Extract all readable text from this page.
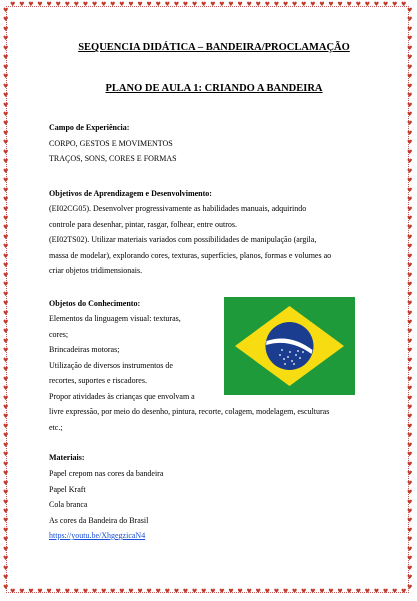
♥ ♥ ♥ ♥ ♥ ♥ ♥ ♥ ♥ ♥ ♥ ♥ ♥ ♥ ♥ ♥ ♥ ♥ ♥ ♥ ♥ ♥ ♥ ♥ ♥ ♥ ♥ ♥ ♥ ♥ ♥ ♥ ♥ ♥ ♥ ♥ ♥ ♥ ♥ ♥ ♥ ♥ ♥ ♥
♥ ♥ ♥ ♥ ♥ ♥ ♥ ♥ ♥ ♥ ♥ ♥ ♥ ♥ ♥ ♥ ♥ ♥ ♥ ♥ ♥ ♥ ♥ ♥ ♥ ♥ ♥ ♥ ♥ ♥ ♥ ♥ ♥ ♥ ♥ ♥ ♥ ♥ ♥ ♥ ♥ ♥ ♥ ♥
♥
♥
♥
♥
♥
♥
♥
♥
♥
♥
♥
♥
♥
♥
♥
♥
♥
♥
♥
♥
♥
♥
♥
♥
♥
♥
♥
♥
♥
♥
♥
♥
♥
♥
♥
♥
♥
♥
♥
♥
♥
♥
♥
♥
♥
♥
♥
♥
♥
♥
♥
♥
♥
♥
♥
♥
♥
♥
♥
♥
♥
♥
♥
♥
♥
♥
♥
♥
♥
♥
♥
♥
♥
♥
♥
♥
♥
♥
♥
♥
♥
♥
♥
♥
♥
♥
♥
♥
♥
♥
♥
♥
♥
♥
♥
♥
♥
♥
♥
♥
♥
♥
♥
♥
♥
♥
♥
♥
♥
♥
♥
♥
♥
♥
♥
♥
♥
♥
♥
♥
♥
♥
♥
♥
SEQUENCIA DIDÁTICA – BANDEIRA/PROCLAMAÇÃO
PLANO DE AULA 1: CRIANDO A BANDEIRA
Campo de Experiência:
CORPO, GESTOS E MOVIMENTOS
TRAÇOS, SONS, CORES E FORMAS
Objetivos de Aprendizagem e Desenvolvimento:
(EI02CG05). Desenvolver progressivamente as habilidades manuais, adquirindo
controle para desenhar, pintar, rasgar, folhear, entre outros.
(EI02TS02). Utilizar materiais variados com possibilidades de manipulação (argila,
massa de modelar), explorando cores, texturas, superfícies, planos, formas e volumes ao
criar objetos tridimensionais.
Objetos do Conhecimento:
Elementos da linguagem visual: texturas,
cores;
Brincadeiras motoras;
Utilização de diversos instrumentos de
recortes, suportes e riscadores.
Propor atividades às crianças que envolvam a
livre expressão, por meio do desenho, pintura, recorte, colagem, modelagem, esculturas
etc.;
Materiais:
Papel crepom nas cores da bandeira
Papel Kraft
Cola branca
As cores da Bandeira do Brasil
https://youtu.be/XhgegzicaN4
